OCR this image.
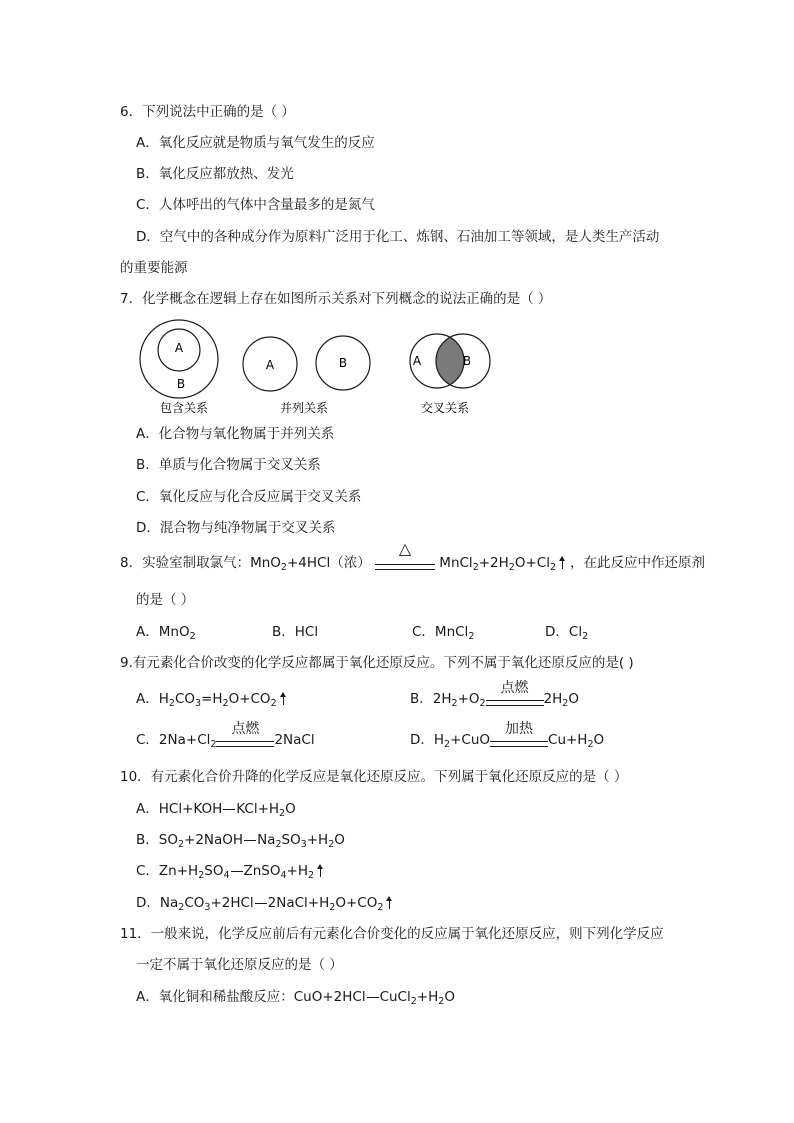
6．下列说法中正确的是（ ）
A．氧化反应就是物质与氧气发生的反应
B．氧化反应都放热、发光
C．人体呼出的气体中含量最多的是氮气
D．空气中的各种成分作为原料广泛用于化工、炼钢、石油加工等领域，是人类生产活动
的重要能源
7．化学概念在逻辑上存在如图所示关系对下列概念的说法正确的是（ ）
A
B
包含关系
A	B
并列关系
A	B
交叉关系
A．化合物与氧化物属于并列关系
B．单质与化合物属于交叉关系
C．氧化反应与化合反应属于交叉关系
D．混合物与纯净物属于交叉关系
8．实验室制取氯气：MnO$_2$+4HCl（浓）
△
$MnCl_2+2H_2O+Cl_2$ ，在此反应中作还原剂
的是（ ）
A．MnO$_2$	B．HCl	C．MnCl$_2$	D．$Cl_2$
9.有元素化合价改变的化学反应都属于氧化还原反应。下列不属于氧化还原反应的是( )
A．$H_2CO_3=H_2O+CO_2$	B．$2H_2+O_2$
点燃
$2H_2O$
C．$2Na+Cl_2$
点燃
2NaCl	D．$H_2+CuO$
加热
$Cu+H_2O$
10．有元素化合价升降的化学反应是氧化还原反应。下列属于氧化还原反应的是（ ）
A．HCl+KOH $KCl+H_2O$
B．$SO_2+2NaOH$ $Na_2SO_3+H_2O$
C．$Zn+H_2SO_4$ $ZnSO_4+H_2$
D．$Na_2CO_3+2HCl$ $2NaCl+H_2O+CO_2$
11．一般来说，化学反应前后有元素化合价变化的反应属于氧化还原反应，则下列化学反应
一定不属于氧化还原反应的是（ ）
A．氧化铜和稀盐酸反应：CuO+2HCl $CuCl_2+H_2O$
